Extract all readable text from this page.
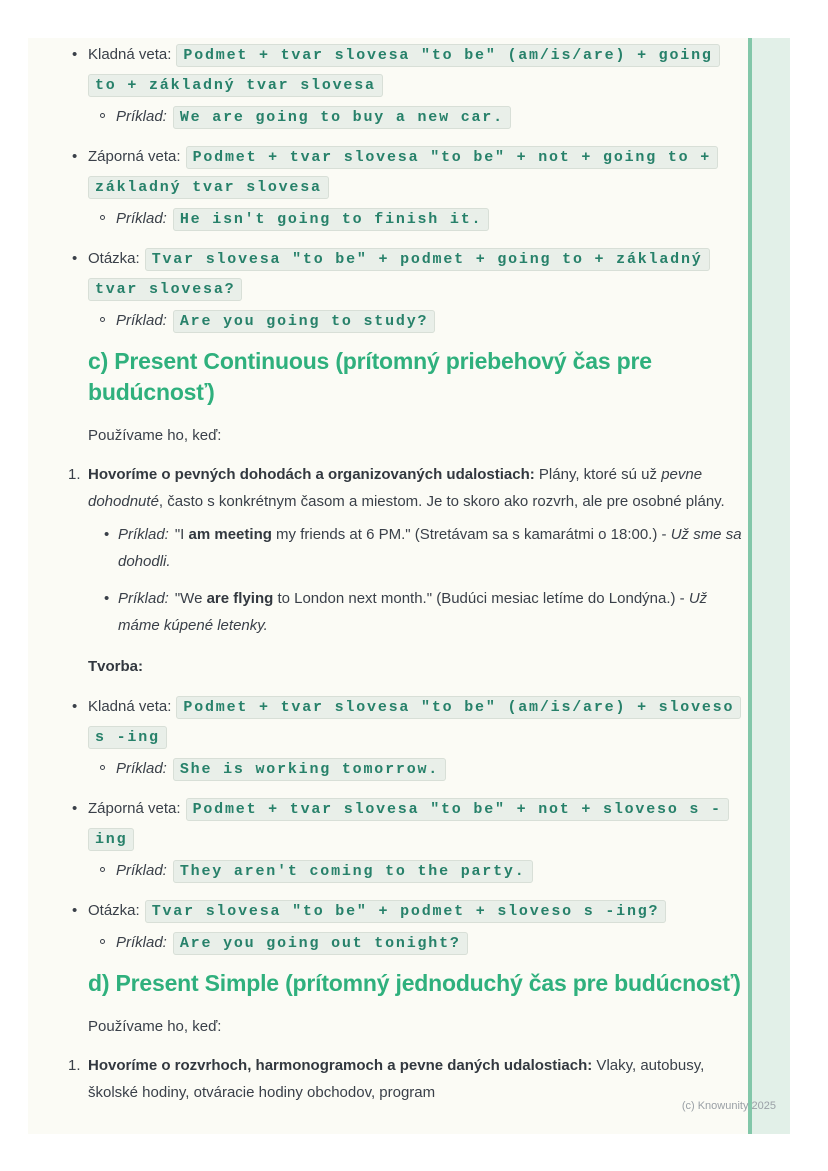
• Kladná veta: Podmet + tvar slovesa "to be" (am/is/are) + going to + základný tvar slovesa
Príklad: We are going to buy a new car.
• Záporná veta: Podmet + tvar slovesa "to be" + not + going to + základný tvar slovesa
Príklad: He isn't going to finish it.
• Otázka: Tvar slovesa "to be" + podmet + going to + základný tvar slovesa?
Príklad: Are you going to study?
c) Present Continuous (prítomný priebehový čas pre budúcnosť)

Používame ho, keď:

1. Hovoríme o pevných dohodách a organizovaných udalostiach: Plány, ktoré sú už pevne dohodnuté, často s konkrétnym časom a miestom. Je to skoro ako rozvrh, ale pre osobné plány.

• Príklad: "I am meeting my friends at 6 PM." (Stretávam sa s kamarátmi o 18:00.) - Už sme sa dohodli.
• Príklad: "We are flying to London next month." (Budúci mesiac letíme do Londýna.) - Už máme kúpené letenky.

Tvorba:

• Kladná veta: Podmet + tvar slovesa "to be" (am/is/are) + sloveso s -ing
Príklad: She is working tomorrow.
• Záporná veta: Podmet + tvar slovesa "to be" + not + sloveso s -ing
Príklad: They aren't coming to the party.
• Otázka: Tvar slovesa "to be" + podmet + sloveso s -ing?
Príklad: Are you going out tonight?
d) Present Simple (prítomný jednoduchý čas pre budúcnosť)

Používame ho, keď:

1. Hovoríme o rozvrhoch, harmonogramoch a pevne daných udalostiach: Vlaky, autobusy, školské hodiny, otváracie hodiny obchodov, program

(c) Knowunity 2025
